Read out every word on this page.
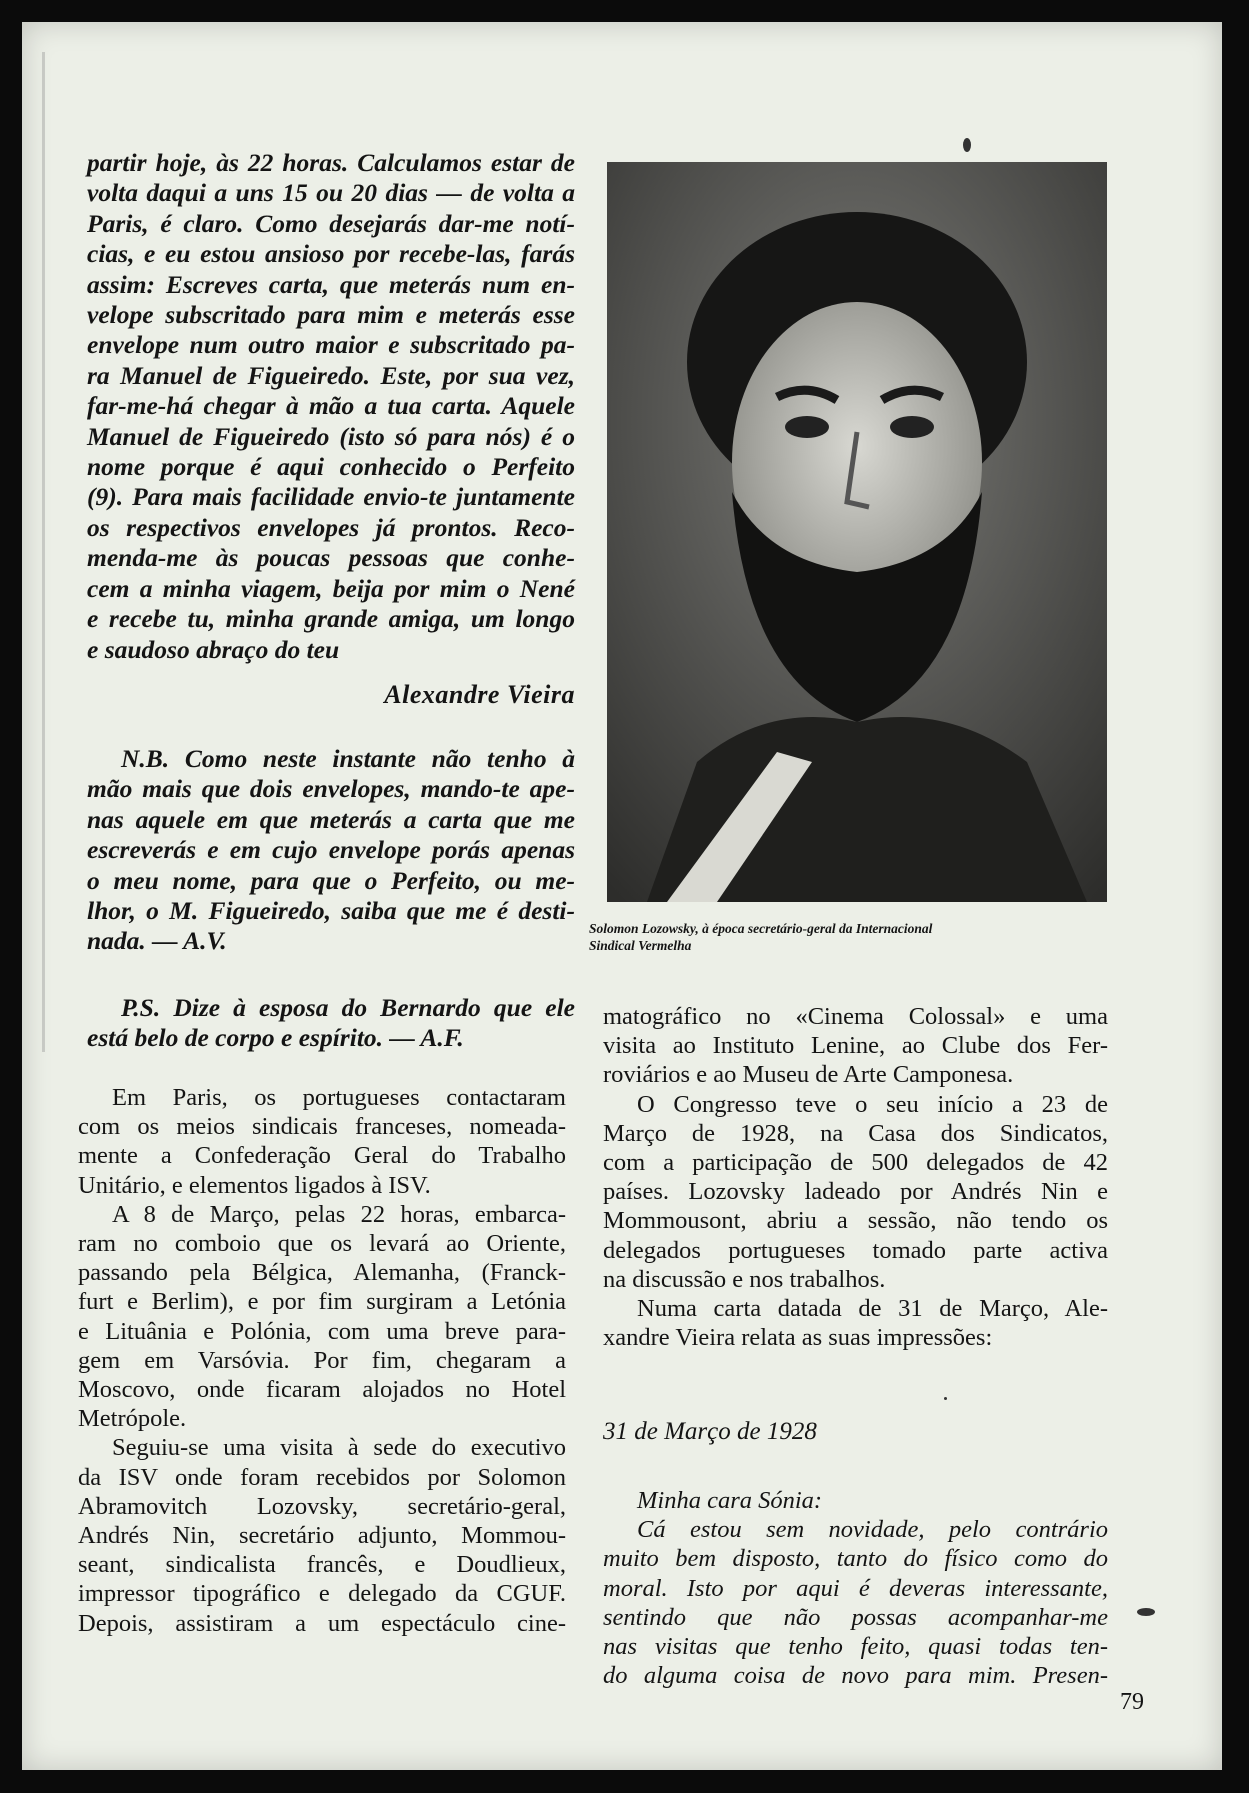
partir hoje, às 22 horas. Calculamos estar de
volta daqui a uns 15 ou 20 dias — de volta a
Paris, é claro. Como desejarás dar-me notí-
cias, e eu estou ansioso por recebe-las, farás
assim: Escreves carta, que meterás num en-
velope subscritado para mim e meterás esse
envelope num outro maior e subscritado pa-
ra Manuel de Figueiredo. Este, por sua vez,
far-me-há chegar à mão a tua carta. Aquele
Manuel de Figueiredo (isto só para nós) é o
nome porque é aqui conhecido o Perfeito
(9). Para mais facilidade envio-te juntamente
os respectivos envelopes já prontos. Reco-
menda-me às poucas pessoas que conhe-
cem a minha viagem, beija por mim o Nené
e recebe tu, minha grande amiga, um longo
e saudoso abraço do teu
Alexandre Vieira
N.B. Como neste instante não tenho à
mão mais que dois envelopes, mando-te ape-
nas aquele em que meterás a carta que me
escreverás e em cujo envelope porás apenas
o meu nome, para que o Perfeito, ou me-
lhor, o M. Figueiredo, saiba que me é desti-
nada. — A.V.
P.S. Dize à esposa do Bernardo que ele
está belo de corpo e espírito. — A.F.
Solomon Lozowsky, à época secretário-geral da Internacional
Sindical Vermelha
Em Paris, os portugueses contactaram
com os meios sindicais franceses, nomeada-
mente a Confederação Geral do Trabalho
Unitário, e elementos ligados à ISV.
A 8 de Março, pelas 22 horas, embarca-
ram no comboio que os levará ao Oriente,
passando pela Bélgica, Alemanha, (Franck-
furt e Berlim), e por fim surgiram a Letónia
e Lituânia e Polónia, com uma breve para-
gem em Varsóvia. Por fim, chegaram a
Moscovo, onde ficaram alojados no Hotel
Metrópole.
Seguiu-se uma visita à sede do executivo
da ISV onde foram recebidos por Solomon
Abramovitch Lozovsky, secretário-geral,
Andrés Nin, secretário adjunto, Mommou-
seant, sindicalista francês, e Doudlieux,
impressor tipográfico e delegado da CGUF.
Depois, assistiram a um espectáculo cine-
matográfico no «Cinema Colossal» e uma
visita ao Instituto Lenine, ao Clube dos Fer-
roviários e ao Museu de Arte Camponesa.
O Congresso teve o seu início a 23 de
Março de 1928, na Casa dos Sindicatos,
com a participação de 500 delegados de 42
países. Lozovsky ladeado por Andrés Nin e
Mommousont, abriu a sessão, não tendo os
delegados portugueses tomado parte activa
na discussão e nos trabalhos.
Numa carta datada de 31 de Março, Ale-
xandre Vieira relata as suas impressões:
31 de Março de 1928
Minha cara Sónia:
Cá estou sem novidade, pelo contrário
muito bem disposto, tanto do físico como do
moral. Isto por aqui é deveras interessante,
sentindo que não possas acompanhar-me
nas visitas que tenho feito, quasi todas ten-
do alguma coisa de novo para mim. Presen-
79
